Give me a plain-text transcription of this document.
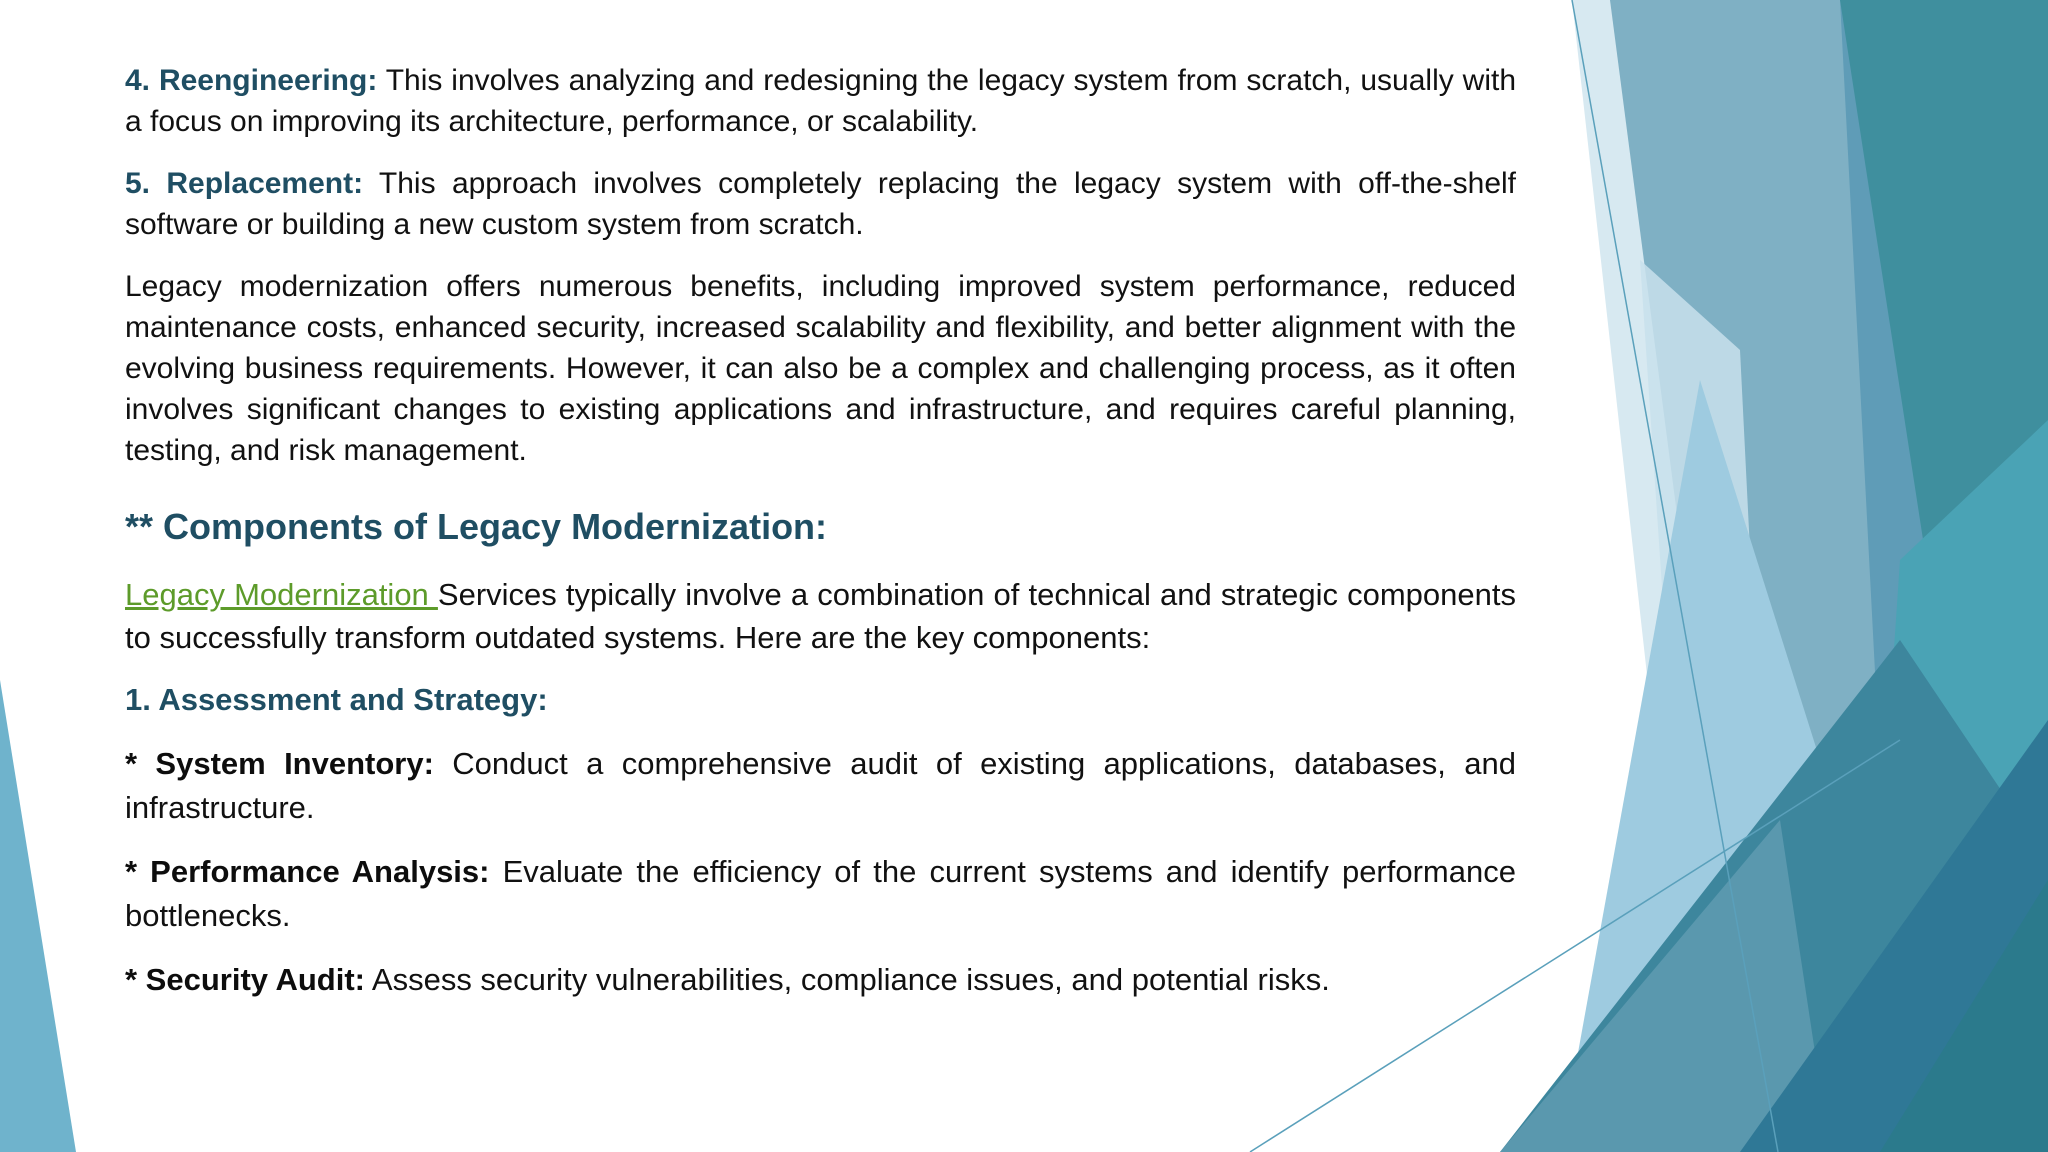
4. Reengineering: This involves analyzing and redesigning the legacy system from scratch, usually with a focus on improving its architecture, performance, or scalability.

5. Replacement: This approach involves completely replacing the legacy system with off-the-shelf software or building a new custom system from scratch.

Legacy modernization offers numerous benefits, including improved system performance, reduced maintenance costs, enhanced security, increased scalability and flexibility, and better alignment with the evolving business requirements. However, it can also be a complex and challenging process, as it often involves significant changes to existing applications and infrastructure, and requires careful planning, testing, and risk management.

** Components of Legacy Modernization:

Legacy Modernization Services typically involve a combination of technical and strategic components to successfully transform outdated systems. Here are the key components:

1. Assessment and Strategy:

* System Inventory: Conduct a comprehensive audit of existing applications, databases, and infrastructure.

* Performance Analysis: Evaluate the efficiency of the current systems and identify performance bottlenecks.

* Security Audit: Assess security vulnerabilities, compliance issues, and potential risks.
